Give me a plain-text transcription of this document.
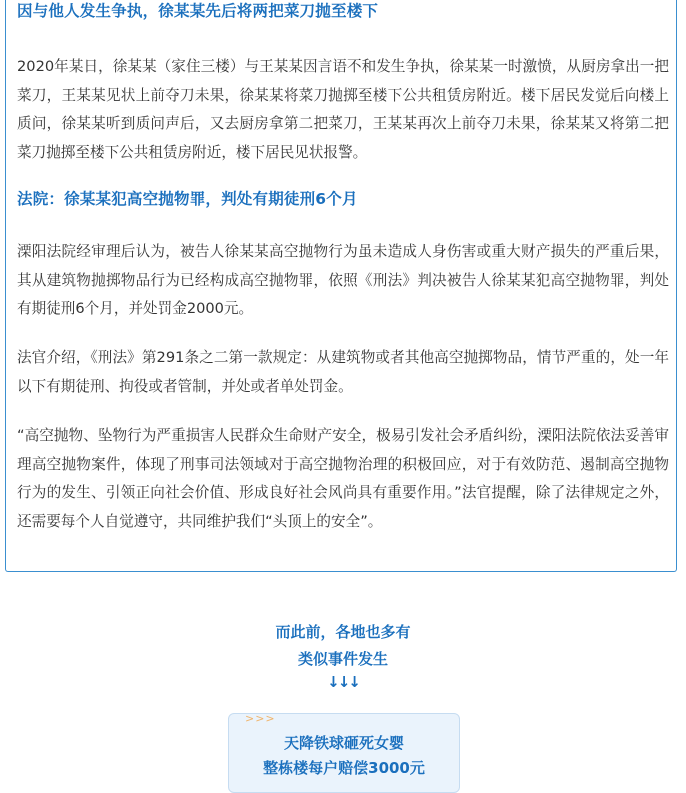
因与他人发生争执，徐某某先后将两把菜刀抛至楼下

2020年某日，徐某某（家住三楼）与王某某因言语不和发生争执，徐某某一时激愤，从厨房拿出一把菜刀，王某某见状上前夺刀未果，徐某某将菜刀抛掷至楼下公共租赁房附近。楼下居民发觉后向楼上质问，徐某某听到质问声后，又去厨房拿第二把菜刀，王某某再次上前夺刀未果，徐某某又将第二把菜刀抛掷至楼下公共租赁房附近，楼下居民见状报警。

法院：徐某某犯高空抛物罪，判处有期徒刑6个月

溧阳法院经审理后认为，被告人徐某某高空抛物行为虽未造成人身伤害或重大财产损失的严重后果，其从建筑物抛掷物品行为已经构成高空抛物罪，依照《刑法》判决被告人徐某某犯高空抛物罪，判处有期徒刑6个月，并处罚金2000元。

法官介绍，《刑法》第291条之二第一款规定：从建筑物或者其他高空抛掷物品，情节严重的，处一年以下有期徒刑、拘役或者管制，并处或者单处罚金。

“高空抛物、坠物行为严重损害人民群众生命财产安全，极易引发社会矛盾纠纷，溧阳法院依法妥善审理高空抛物案件，体现了刑事司法领域对于高空抛物治理的积极回应，对于有效防范、遏制高空抛物行为的发生、引领正向社会价值、形成良好社会风尚具有重要作用。”法官提醒，除了法律规定之外，还需要每个人自觉遵守，共同维护我们“头顶上的安全”。

而此前，各地也多有
类似事件发生
↓↓↓
>>>
天降铁球砸死女婴
整栋楼每户赔偿3000元
